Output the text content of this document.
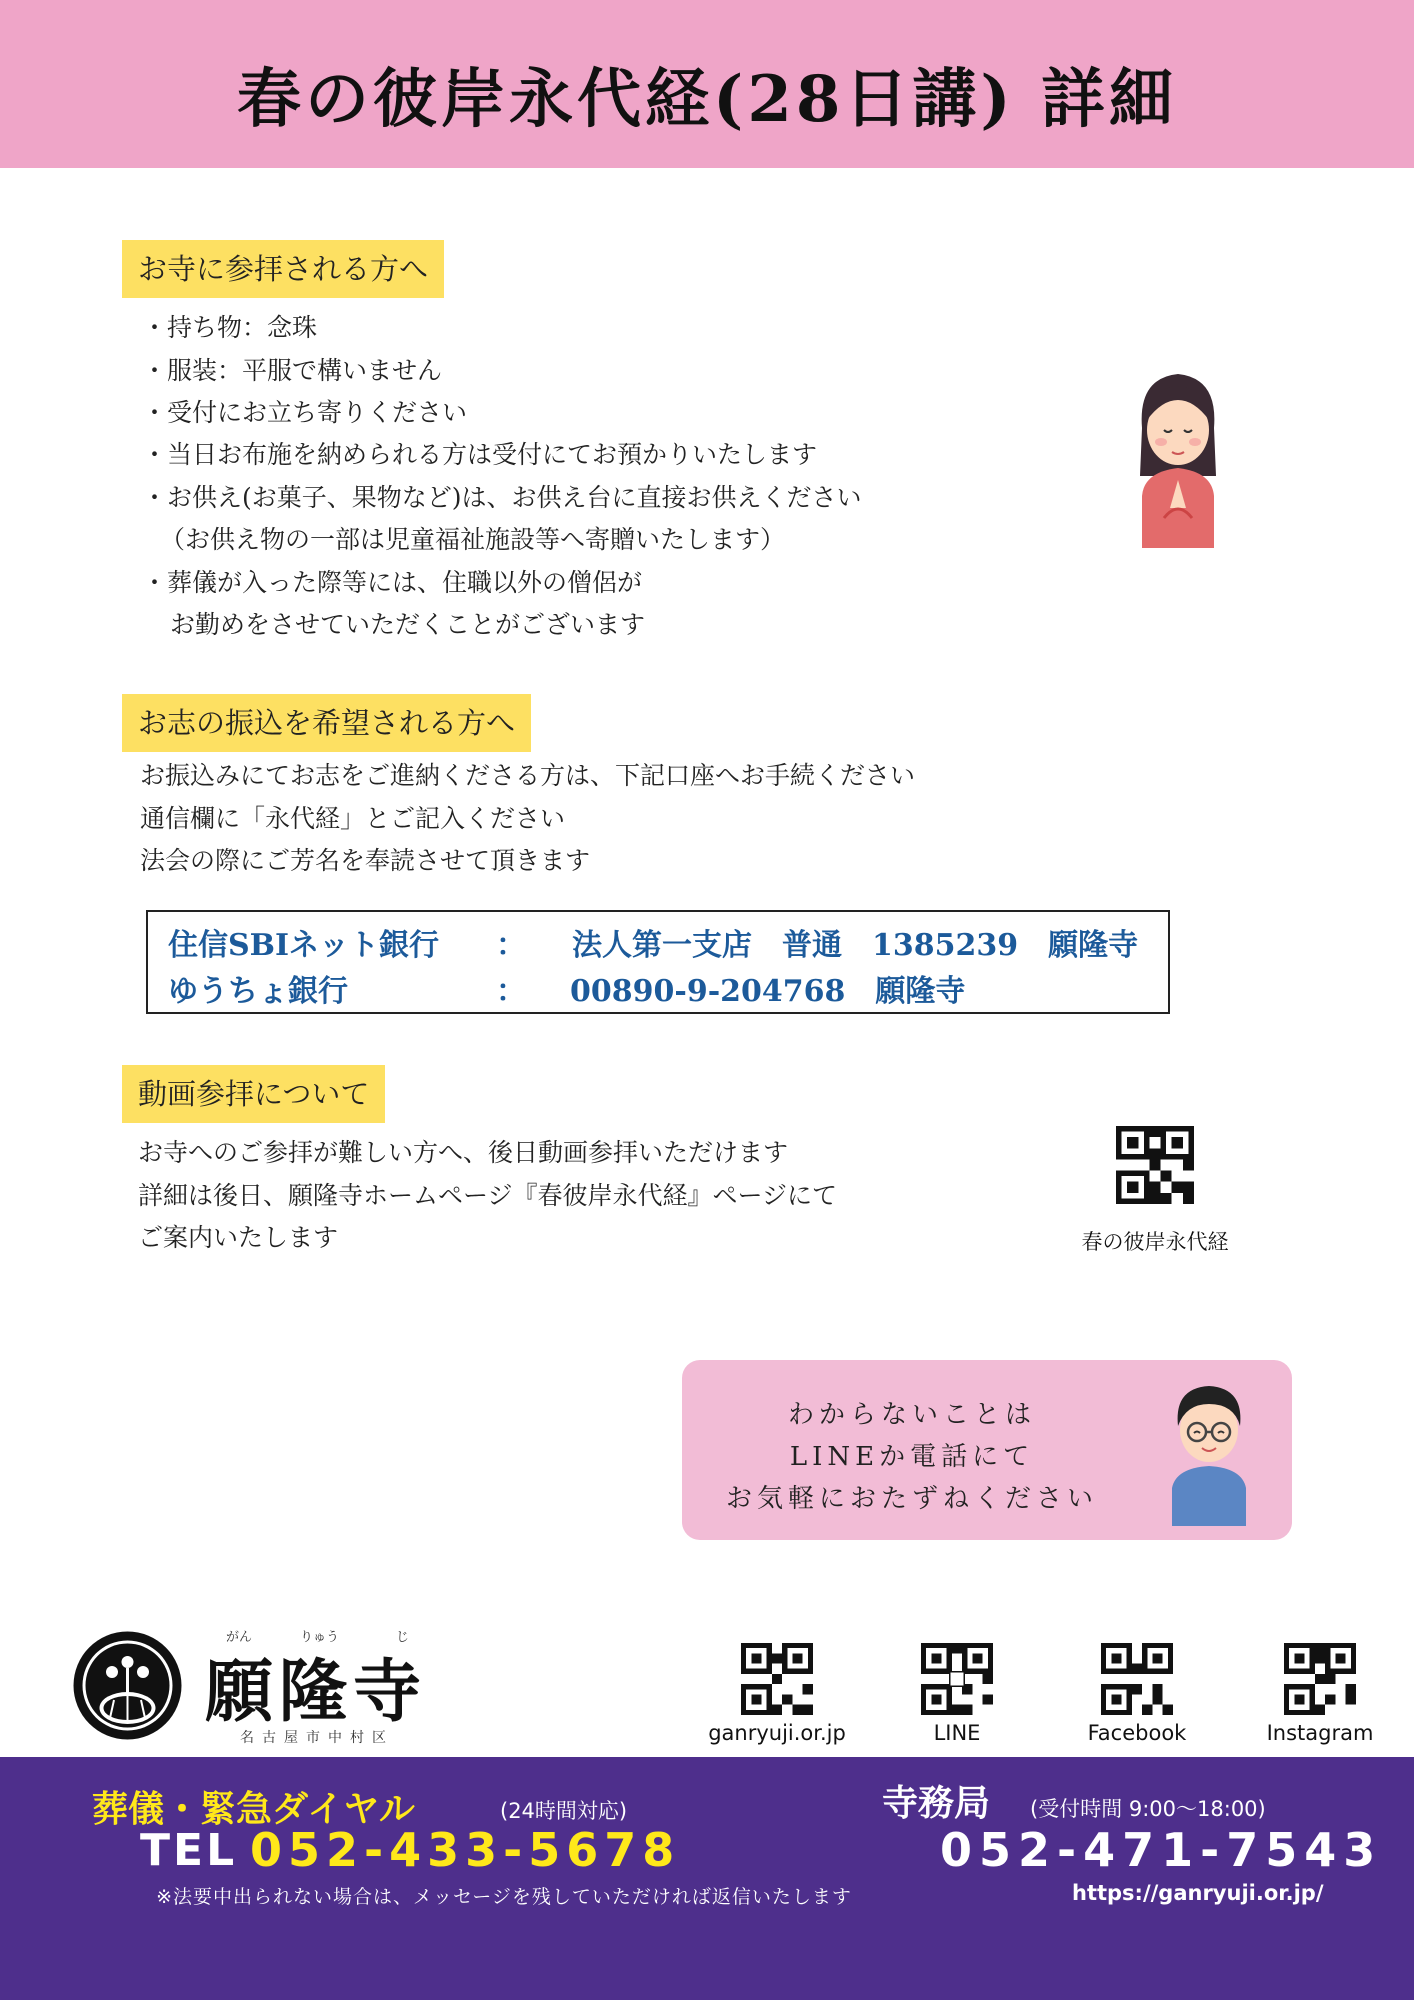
春の彼岸永代経(28日講) 詳細
お寺に参拝される方へ
・持ち物：念珠
・服装：平服で構いません
・受付にお立ち寄りください
・当日お布施を納められる方は受付にてお預かりいたします
・お供え(お菓子、果物など)は、お供え台に直接お供えください
（お供え物の一部は児童福祉施設等へ寄贈いたします）
・葬儀が入った際等には、住職以外の僧侶が
お勤めをさせていただくことがございます
お志の振込を希望される方へ
お振込みにてお志をご進納くださる方は、下記口座へお手続ください
通信欄に「永代経」とご記入ください
法会の際にご芳名を奉読させて頂きます
住信SBIネット銀行 ： 法人第一支店　普通　1385239　願隆寺
ゆうちょ銀行	： 00890-9-204768　願隆寺
動画参拝について
お寺へのご参拝が難しい方へ、後日動画参拝いただけます
詳細は後日、願隆寺ホームページ『春彼岸永代経』ページにて
ご案内いたします	春の彼岸永代経
わからないことは
LINEか電話にて
お気軽におたずねください
がん	りゅう	じ
願隆寺
名古屋市中村区	ganryuji.or.jp	LINE	Facebook	Instagram
葬儀・緊急ダイヤル	(24時間対応)
TEL 052-433-5678
※法要中出られない場合は、メッセージを残していただければ返信いたします
寺務局 (受付時間 9:00〜18:00)
052-471-7543
https://ganryuji.or.jp/
